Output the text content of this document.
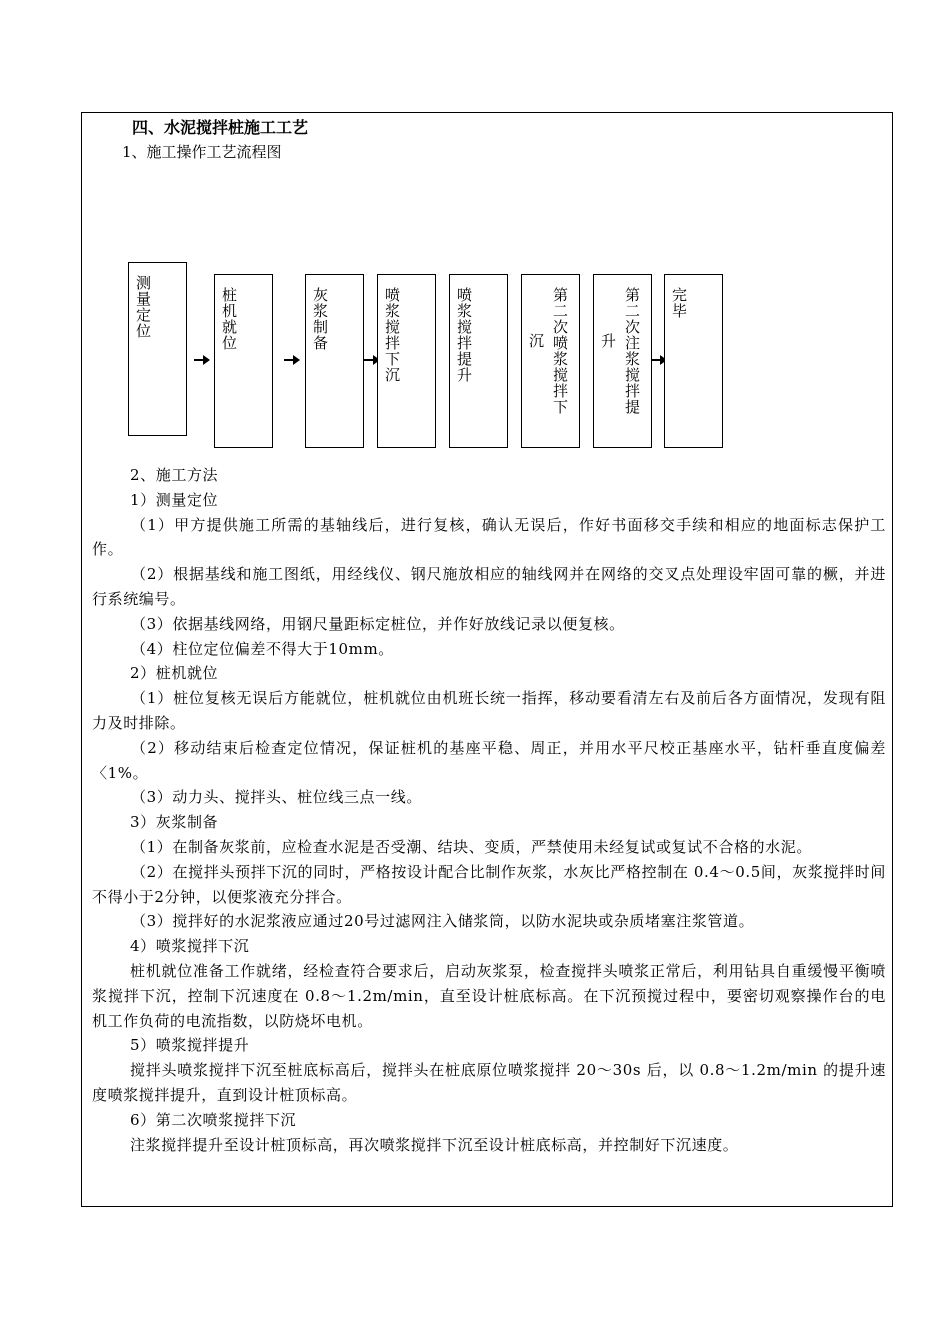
四、水泥搅拌桩施工工艺
1、施工操作工艺流程图
测量定位	桩机就位	灰浆制备	喷浆搅拌下沉	喷浆搅拌提升	沉 第二次喷浆搅拌下 升 第二次注浆搅拌提 完毕

2、施工方法

1）测量定位

（1）甲方提供施工所需的基轴线后，进行复核，确认无误后，作好书面移交手续和相应的地面标志保护工作。

（2）根据基线和施工图纸，用经线仪、钢尺施放相应的轴线网并在网络的交叉点处理设牢固可靠的橛，并进行系统编号。

（3）依据基线网络，用钢尺量距标定桩位，并作好放线记录以便复核。

（4）柱位定位偏差不得大于10mm。

2）桩机就位

（1）桩位复核无误后方能就位，桩机就位由机班长统一指挥，移动要看清左右及前后各方面情况，发现有阻力及时排除。

（2）移动结束后检查定位情况，保证桩机的基座平稳、周正，并用水平尺校正基座水平，钻杆垂直度偏差〈1%。

（3）动力头、搅拌头、桩位线三点一线。

3）灰浆制备

（1）在制备灰浆前，应检查水泥是否受潮、结块、变质，严禁使用未经复试或复试不合格的水泥。

（2）在搅拌头预拌下沉的同时，严格按设计配合比制作灰浆，水灰比严格控制在 0.4～0.5间，灰浆搅拌时间不得小于2分钟，以便浆液充分拌合。

（3）搅拌好的水泥浆液应通过20号过滤网注入储浆筒，以防水泥块或杂质堵塞注浆管道。

4）喷浆搅拌下沉

桩机就位准备工作就绪，经检查符合要求后，启动灰浆泵，检查搅拌头喷浆正常后，利用钻具自重缓慢平衡喷浆搅拌下沉，控制下沉速度在 0.8～1.2m/min，直至设计桩底标高。在下沉预搅过程中，要密切观察操作台的电机工作负荷的电流指数，以防烧坏电机。

5）喷浆搅拌提升

搅拌头喷浆搅拌下沉至桩底标高后，搅拌头在桩底原位喷浆搅拌 20～30s 后，以 0.8～1.2m/min 的提升速度喷浆搅拌提升，直到设计桩顶标高。

6）第二次喷浆搅拌下沉

注浆搅拌提升至设计桩顶标高，再次喷浆搅拌下沉至设计桩底标高，并控制好下沉速度。
